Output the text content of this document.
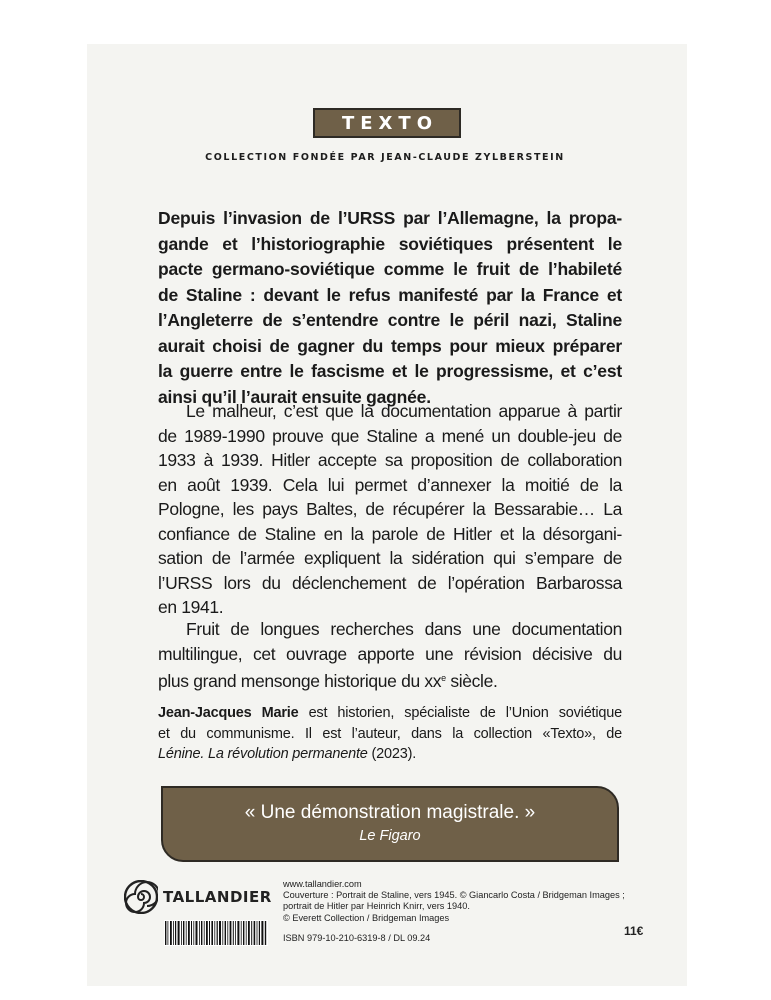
TEXTO
COLLECTION FONDÉE PAR JEAN-CLAUDE ZYLBERSTEIN
Depuis l’invasion de l’URSS par l’Allemagne, la propa-
gande et l’historiographie soviétiques présentent le
pacte germano-soviétique comme le fruit de l’habileté
de Staline : devant le refus manifesté par la France et
l’Angleterre de s’entendre contre le péril nazi, Staline
aurait choisi de gagner du temps pour mieux préparer
la guerre entre le fascisme et le progressisme, et c’est
ainsi qu’il l’aurait ensuite gagnée.
Le malheur, c’est que la documentation apparue à partir
de 1989-1990 prouve que Staline a mené un double-jeu de
1933 à 1939. Hitler accepte sa proposition de collaboration
en août 1939. Cela lui permet d’annexer la moitié de la
Pologne, les pays Baltes, de récupérer la Bessarabie… La
confiance de Staline en la parole de Hitler et la désorgani-
sation de l’armée expliquent la sidération qui s’empare de
l’URSS lors du déclenchement de l’opération Barbarossa
en 1941.
Fruit de longues recherches dans une documentation
multilingue, cet ouvrage apporte une révision décisive du
plus grand mensonge historique du $xx^e$ siècle.
Jean-Jacques Marie est historien, spécialiste de l’Union soviétique
et du communisme. Il est l’auteur, dans la collection «Texto», de
Lénine. La révolution permanente (2023).
« Une démonstration magistrale. »
Le Figaro
TALLANDIER
www.tallandier.com
Couverture : Portrait de Staline, vers 1945. © Giancarlo Costa / Bridgeman Images ;
portrait de Hitler par Heinrich Knirr, vers 1940.
© Everett Collection / Bridgeman Images
ISBN 979-10-210-6319-8 / DL 09.24	11€
